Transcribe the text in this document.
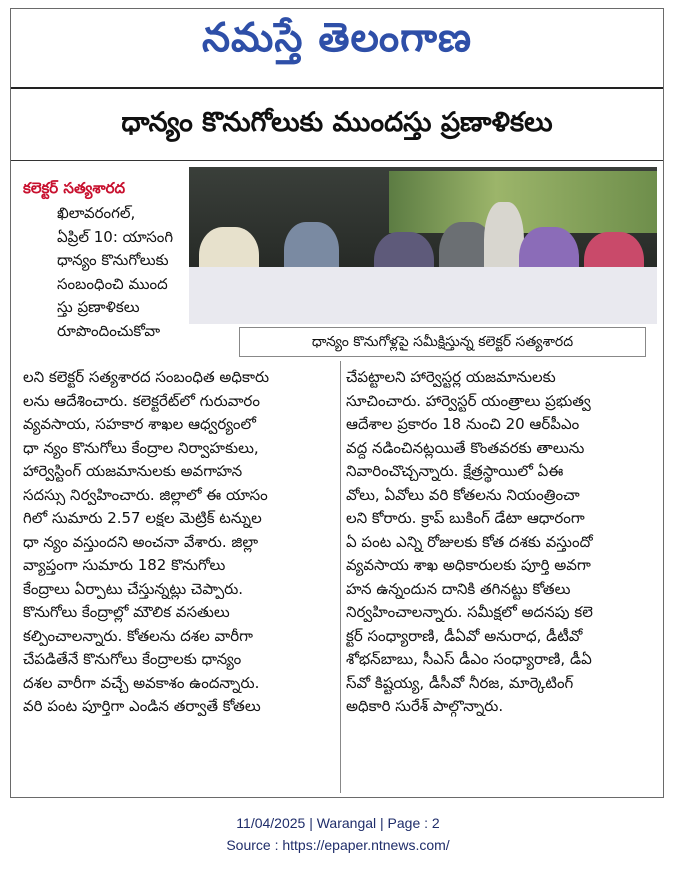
నమస్తే తెలంగాణ
ధాన్యం కొనుగోలుకు ముందస్తు ప్రణాళికలు
కలెక్టర్‌ సత్యశారద
ఖిలావరంగల్‌,
ఏప్రిల్‌ 10: యాసంగి
ధాన్యం కొనుగోలుకు
సంబంధించి ముంద
స్తు ప్రణాళికలు
రూపొందించుకోవా
ధాన్యం కొనుగోళ్లపై సమీక్షిస్తున్న కలెక్టర్‌ సత్యశారద
లని కలెక్టర్‌ సత్యశారద సంబంధిత అధికారు
లను ఆదేశించారు. కలెక్టరేట్‌లో గురువారం
వ్యవసాయ, సహకార శాఖల ఆధ్వర్యంలో
ధా న్యం కొనుగోలు కేంద్రాల నిర్వాహకులు,
హార్వెస్టింగ్‌ యజమానులకు అవగాహన
సదస్సు నిర్వహించారు. జిల్లాలో ఈ యాసం
గిలో సుమారు 2.57 లక్షల మెట్రిక్‌ టన్నుల
ధా న్యం వస్తుందని అంచనా వేశారు. జిల్లా
వ్యాప్తంగా సుమారు 182 కొనుగోలు
కేంద్రాలు ఏర్పాటు చేస్తున్నట్లు చెప్పారు.
కొనుగోలు కేంద్రాల్లో మౌలిక వసతులు
కల్పించాలన్నారు. కోతలను దశల వారీగా
చేపడితేనే కొనుగోలు కేంద్రాలకు ధాన్యం
దశల వారీగా వచ్చే అవకాశం ఉందన్నారు.
వరి పంట పూర్తిగా ఎండిన తర్వాతే కోతలు
చేపట్టాలని హార్వెస్టర్ల యజమానులకు
సూచించారు. హార్వెస్టర్‌ యంత్రాలు ప్రభుత్వ
ఆదేశాల ప్రకారం 18 నుంచి 20 ఆర్‌పీఎం
వద్ద నడించినట్లయితే కొంతవరకు తాలును
నివారించొచ్చన్నారు. క్షేత్రస్థాయిలో ఏఈ
వోలు, ఏవోలు వరి కోతలను నియంత్రించా
లని కోరారు. క్రాప్‌ బుకింగ్‌ డేటా ఆధారంగా
ఏ పంట ఎన్ని రోజులకు కోత దశకు వస్తుందో
వ్యవసాయ శాఖ అధికారులకు పూర్తి అవగా
హన ఉన్నందున దానికి తగినట్టు కోతలు
నిర్వహించాలన్నారు. సమీక్షలో అదనపు కలె
క్టర్‌ సంధ్యారాణి, డీఏవో అనురాధ, డీటీవో
శోభన్‌బాబు, సీఎస్‌ డీఎం సంధ్యారాణి, డీఏ
స్‌వో కిష్టయ్య, డీసీవో నీరజ, మార్కెటింగ్‌
అధికారి సురేశ్‌ పాల్గొన్నారు.
11/04/2025 | Warangal | Page : 2
Source : https://epaper.ntnews.com/
